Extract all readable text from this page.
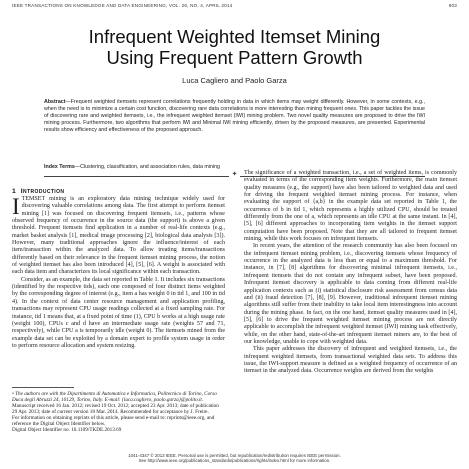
IEEE TRANSACTIONS ON KNOWLEDGE AND DATA ENGINEERING, VOL. 26, NO. 4, APRIL 2014	903
Infrequent Weighted Itemset Mining
Using Frequent Pattern Growth
Luca Cagliero and Paolo Garza
Abstract—Frequent weighted itemsets represent correlations frequently holding in data in which items may weight differently. However, in some contexts, e.g., when the need is to minimize a certain cost function, discovering rare data correlations is more interesting than mining frequent ones. This paper tackles the issue of discovering rare and weighted itemsets, i.e., the infrequent weighted itemset (IWI) mining problem. Two novel quality measures are proposed to drive the IWI mining process. Furthermore, two algorithms that perform IWI and Minimal IWI mining efficiently, driven by the proposed measures, are presented. Experimental results show efficiency and effectiveness of the proposed approach.
Index Terms—Clustering, classification, and association rules, data mining
✦
1 Introduction

ITEMSET mining is an exploratory data mining technique widely used for discovering valuable correlations among data. The first attempt to perform itemset mining [1] was focused on discovering frequent itemsets, i.e., patterns whose observed frequency of occurrence in the source data (the support) is above a given threshold. Frequent itemsets find application in a number of real-life contexts (e.g., market basket analysis [1], medical image processing [2], biological data analysis [3]). However, many traditional approaches ignore the influence/interest of each item/transaction within the analyzed data. To allow treating items/transactions differently based on their relevance in the frequent itemset mining process, the notion of weighted itemset has also been introduced [4], [5], [6]. A weight is associated with each data item and characterizes its local significance within each transaction.

Consider, as an example, the data set reported in Table 1. It includes six transactions (identified by the respective tids), each one composed of four distinct items weighted by the corresponding degree of interest (e.g., item a has weight 0 in tid 1, and 100 in tid 4). In the context of data center resource management and application profiling, transactions may represent CPU usage readings collected at a fixed sampling rate. For instance, tid 1 means that, at a fixed point of time (1), CPU b works at a high usage rate (weight 100), CPUs c and d have an intermediate usage rate (weights 57 and 71, respectively), while CPU a is temporarily idle (weight 0). The itemsets mined from the example data set can be exploited by a domain expert to profile system usage in order to perform resource allocation and system resizing.

• The authors are with the Dipartimento di Automatica e Informatica, Politecnico di Torino, Corso Duca degli Abruzzi 24, 10129, Torino, Italy. E-mail: {luca.cagliero, paolo.garza}@polito.it.
Manuscript received 16 Jan. 2012; revised 19 Oct. 2012; accepted 23 Apr. 2013; date of publication 29 Apr. 2013; date of current version 18 Mar. 2014. Recommended for acceptance by J. Freire.
For information on obtaining reprints of this article, please send e-mail to: reprints@ieee.org, and reference the Digital Object Identifier below.
Digital Object Identifier no. 10.1109/TKDE.2013.69

The significance of a weighted transaction, i.e., a set of weighted items, is commonly evaluated in terms of the corresponding item weights. Furthermore, the main itemset quality measures (e.g., the support) have also been tailored to weighted data and used for driving the frequent weighted itemset mining process. For instance, when evaluating the support of {a,b} in the example data set reported in Table 1, the occurrence of b in tid 1, which represents a highly utilized CPU, should be treated differently from the one of a, which represents an idle CPU at the same instant. In [4], [5], [6] different approaches to incorporating item weights in the itemset support computation have been proposed. Note that they are all tailored to frequent itemset mining, while this work focuses on infrequent itemsets.

In recent years, the attention of the research community has also been focused on the infrequent itemset mining problem, i.e., discovering itemsets whose frequency of occurrence in the analyzed data is less than or equal to a maximum threshold. For instance, in [7], [8] algorithms for discovering minimal infrequent itemsets, i.e., infrequent itemsets that do not contain any infrequent subset, have been proposed. Infrequent itemset discovery is applicable to data coming from different real-life application contexts such as (i) statistical disclosure risk assessment from census data and (ii) fraud detection [7], [8], [9]. However, traditional infrequent itemset mining algorithms still suffer from their inability to take local item interestingness into account during the mining phase. In fact, on the one hand, itemset quality measures used in [4], [5], [6] to drive the frequent weighted itemset mining process are not directly applicable to accomplish the infrequent weighted itemset (IWI) mining task effectively, while, on the other hand, state-of-the-art infrequent itemset miners are, to the best of our knowledge, unable to cope with weighted data.

This paper addresses the discovery of infrequent and weighted itemsets, i.e., the infrequent weighted itemsets, from transactional weighted data sets. To address this issue, the IWI-support measure is defined as a weighted frequency of occurrence of an itemset in the analyzed data. Occurrence weights are derived from the weights

1041-4347 © 2013 IEEE. Personal use is permitted, but republication/redistribution requires IEEE permission.
See http://www.ieee.org/publications_standards/publications/rights/index.html for more information.
